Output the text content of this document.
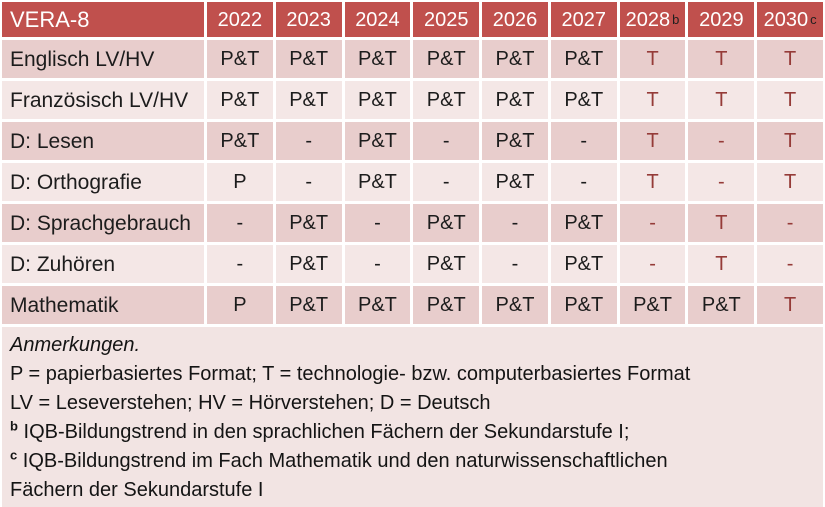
VERA-8	2022 2023 2024 2025 2026 2027 2028 b 2029 2030 c
Englisch LV/HV	P&T	P&T	P&T	P&T	P&T	P&T	T	T	T
Französisch LV/HV	P&T	P&T	P&T	P&T	P&T	P&T	T	T	T
D: Lesen	P&T	-	P&T	-	P&T	-	T	-	T
D: Orthografie	P	-	P&T	-	P&T	-	T	-	T
D: Sprachgebrauch	-	P&T	-	P&T	-	P&T	-	T	-
D: Zuhören	-	P&T	-	P&T	-	P&T	-	T	-
Mathematik	P	P&T	P&T	P&T	P&T	P&T	P&T	P&T	T
Anmerkungen.
P = papierbasiertes Format; T = technologie- bzw. computerbasiertes Format
LV = Leseverstehen; HV = Hörverstehen; D = Deutsch
$^b$ IQB-Bildungstrend in den sprachlichen Fächern der Sekundarstufe I;
$^c$ IQB-Bildungstrend im Fach Mathematik und den naturwissenschaftlichen
Fächern der Sekundarstufe I
